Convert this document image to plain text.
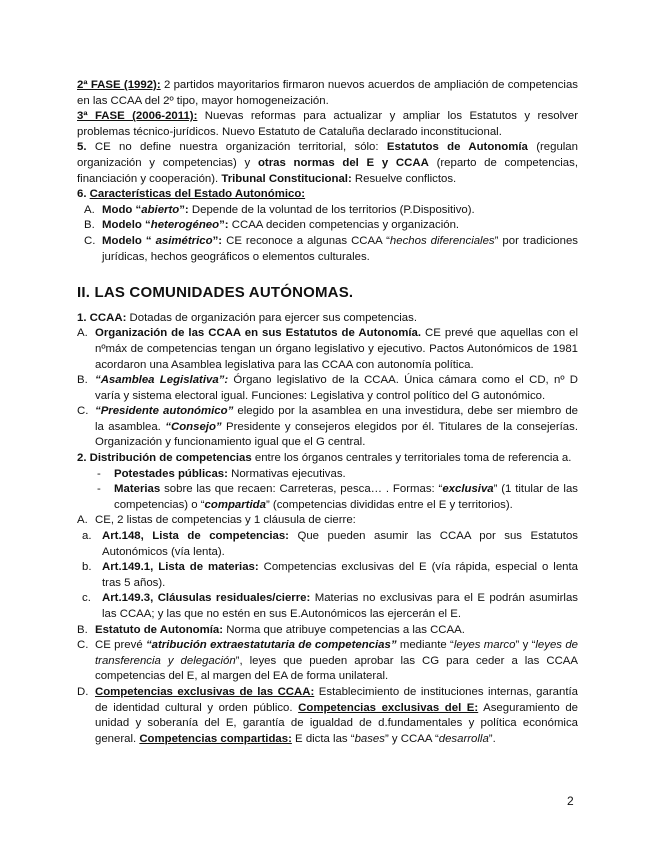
2ª FASE (1992): 2 partidos mayoritarios firmaron nuevos acuerdos de ampliación de competencias en las CCAA del 2º tipo, mayor homogeneización.

3ª FASE (2006-2011): Nuevas reformas para actualizar y ampliar los Estatutos y resolver problemas técnico-jurídicos. Nuevo Estatuto de Cataluña declarado inconstitucional.

5. CE no define nuestra organización territorial, sólo: Estatutos de Autonomía (regulan organización y competencias) y otras normas del E y CCAA (reparto de competencias, financiación y cooperación). Tribunal Constitucional: Resuelve conflictos.

6. Características del Estado Autonómico:

A. Modo “abierto”: Depende de la voluntad de los territorios (P.Dispositivo).
B. Modelo “heterogéneo”: CCAA deciden competencias y organización.
C. Modelo “ asimétrico”: CE reconoce a algunas CCAA “hechos diferenciales” por tradiciones jurídicas, hechos geográficos o elementos culturales.
II. LAS COMUNIDADES AUTÓNOMAS.

1. CCAA: Dotadas de organización para ejercer sus competencias.

A. Organización de las CCAA en sus Estatutos de Autonomía. CE prevé que aquellas con el nºmáx de competencias tengan un órgano legislativo y ejecutivo. Pactos Autonómicos de 1981 acordaron una Asamblea legislativa para las CCAA con autonomía política.
B. “Asamblea Legislativa”: Órgano legislativo de la CCAA. Única cámara como el CD, nº D varía y sistema electoral igual. Funciones: Legislativa y control político del G autonómico.
C. “Presidente autonómico” elegido por la asamblea en una investidura, debe ser miembro de la asamblea. “Consejo” Presidente y consejeros elegidos por él. Titulares de la consejerías. Organización y funcionamiento igual que el G central.

2. Distribución de competencias entre los órganos centrales y territoriales toma de referencia a.

-	Potestades públicas: Normativas ejecutivas.
-	Materias sobre las que recaen: Carreteras, pesca… . Formas: “exclusiva” (1 titular de las competencias) o “compartida” (competencias divididas entre el E y territorios).
A. CE, 2 listas de competencias y 1 cláusula de cierre:
a. Art.148, Lista de competencias: Que pueden asumir las CCAA por sus Estatutos Autonómicos (vía lenta).
b. Art.149.1, Lista de materias: Competencias exclusivas del E (vía rápida, especial o lenta tras 5 años).
c. Art.149.3, Cláusulas residuales/cierre: Materias no exclusivas para el E podrán asumirlas las CCAA; y las que no estén en sus E.Autonómicos las ejercerán el E.
B. Estatuto de Autonomía: Norma que atribuye competencias a las CCAA.
C. CE prevé “atribución extraestatutaria de competencias” mediante “leyes marco” y “leyes de transferencia y delegación”, leyes que pueden aprobar las CG para ceder a las CCAA competencias del E, al margen del EA de forma unilateral.
D. Competencias exclusivas de las CCAA: Establecimiento de instituciones internas, garantía de identidad cultural y orden público. Competencias exclusivas del E: Aseguramiento de unidad y soberanía del E, garantía de igualdad de d.fundamentales y política económica general. Competencias compartidas: E dicta las “bases” y CCAA “desarrolla”.
2
